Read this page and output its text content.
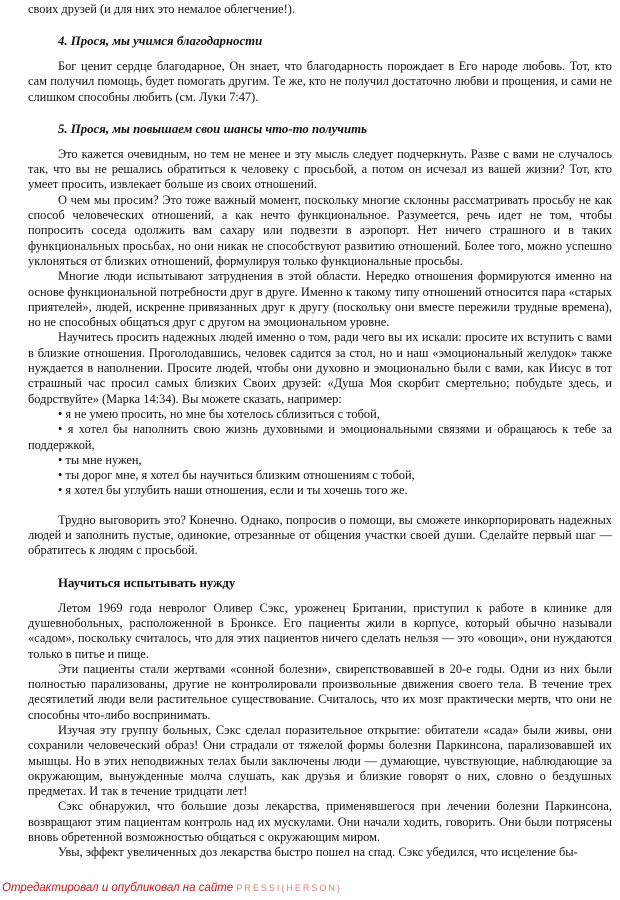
своих друзей (и для них это немалое облегчение!).
4. Прося, мы учимся благодарности

Бог ценит сердце благодарное, Он знает, что благодарность порождает в Его народе любовь. Тот, кто сам получил помощь, будет помогать другим. Те же, кто не получил достаточно любви и прощения, и сами не слишком способны любить (см. Луки 7:47).

5. Прося, мы повышаем свои шансы что-то получить

Это кажется очевидным, но тем не менее и эту мысль следует подчеркнуть. Разве с вами не случалось так, что вы не решались обратиться к человеку с просьбой, а потом он исчезал из вашей жизни? Тот, кто умеет просить, извлекает больше из своих отношений.

О чем мы просим? Это тоже важный момент, поскольку многие склонны рассматривать просьбу не как способ человеческих отношений, а как нечто функциональное. Разумеется, речь идет не том, чтобы попросить соседа одолжить вам сахару или подвезти в аэропорт. Нет ничего страшного и в таких функциональных просьбах, но они никак не способствуют развитию отношений. Более того, можно успешно уклоняться от близких отношений, формулируя только функциональные просьбы.

Многие люди испытывают затруднения в этой области. Нередко отношения формируются именно на основе функциональной потребности друг в друге. Именно к такому типу отношений относится пара «старых приятелей», людей, искренне привязанных друг к другу (поскольку они вместе пережили трудные времена), но не способных общаться друг с другом на эмоциональном уровне.

Научитесь просить надежных людей именно о том, ради чего вы их искали: просите их вступить с вами в близкие отношения. Проголодавшись, человек садится за стол, но и наш «эмоциональный желудок» также нуждается в наполнении. Просите людей, чтобы они духовно и эмоционально были с вами, как Иисус в тот страшный час просил самых близких Своих друзей: «Душа Моя скорбит смертельно; побудьте здесь, и бодрствуйте» (Марка 14:34). Вы можете сказать, например:

• я не умею просить, но мне бы хотелось сблизиться с тобой,
• я хотел бы наполнить свою жизнь духовными и эмоциональными связями и обращаюсь к тебе за поддержкой,
• ты мне нужен,
• ты дорог мне, я хотел бы научиться близким отношениям с тобой,
• я хотел бы углубить наши отношения, если и ты хочешь того же.

Трудно выговорить это? Конечно. Однако, попросив о помощи, вы сможете инкорпорировать надежных людей и заполнить пустые, одинокие, отрезанные от общения участки своей души. Сделайте первый шаг — обратитесь к людям с просьбой.

Научиться испытывать нужду

Летом 1969 года невролог Оливер Сэкс, уроженец Британии, приступил к работе в клинике для душевнобольных, расположенной в Бронксе. Его пациенты жили в корпусе, который обычно называли «садом», поскольку считалось, что для этих пациентов ничего сделать нельзя — это «овощи», они нуждаются только в питье и пище.

Эти пациенты стали жертвами «сонной болезни», свирепствовавшей в 20-е годы. Одни из них были полностью парализованы, другие не контролировали произвольные движения своего тела. В течение трех десятилетий люди вели растительное существование. Считалось, что их мозг практически мертв, что они не способны что-либо воспринимать.

Изучая эту группу больных, Сэкс сделал поразительное открытие: обитатели «сада» были живы, они сохранили человеческий образ! Они страдали от тяжелой формы болезни Паркинсона, парализовавшей их мышцы. Но в этих неподвижных телах были заключены люди — думающие, чувствующие, наблюдающие за окружающим, вынужденные молча слушать, как друзья и близкие говорят о них, словно о бездушных предметах. И так в течение тридцати лет!

Сэкс обнаружил, что большие дозы лекарства, применявшегося при лечении болезни Паркинсона, возвращают этим пациентам контроль над их мускулами. Они начали ходить, говорить. Они были потрясены вновь обретенной возможностью общаться с окружающим миром.

Увы, эффект увеличенных доз лекарства быстро пошел на спад. Сэкс убедился, что исцеление бы-

Отредактировал и опубликовал на сайте PRESSI(HERSON)
